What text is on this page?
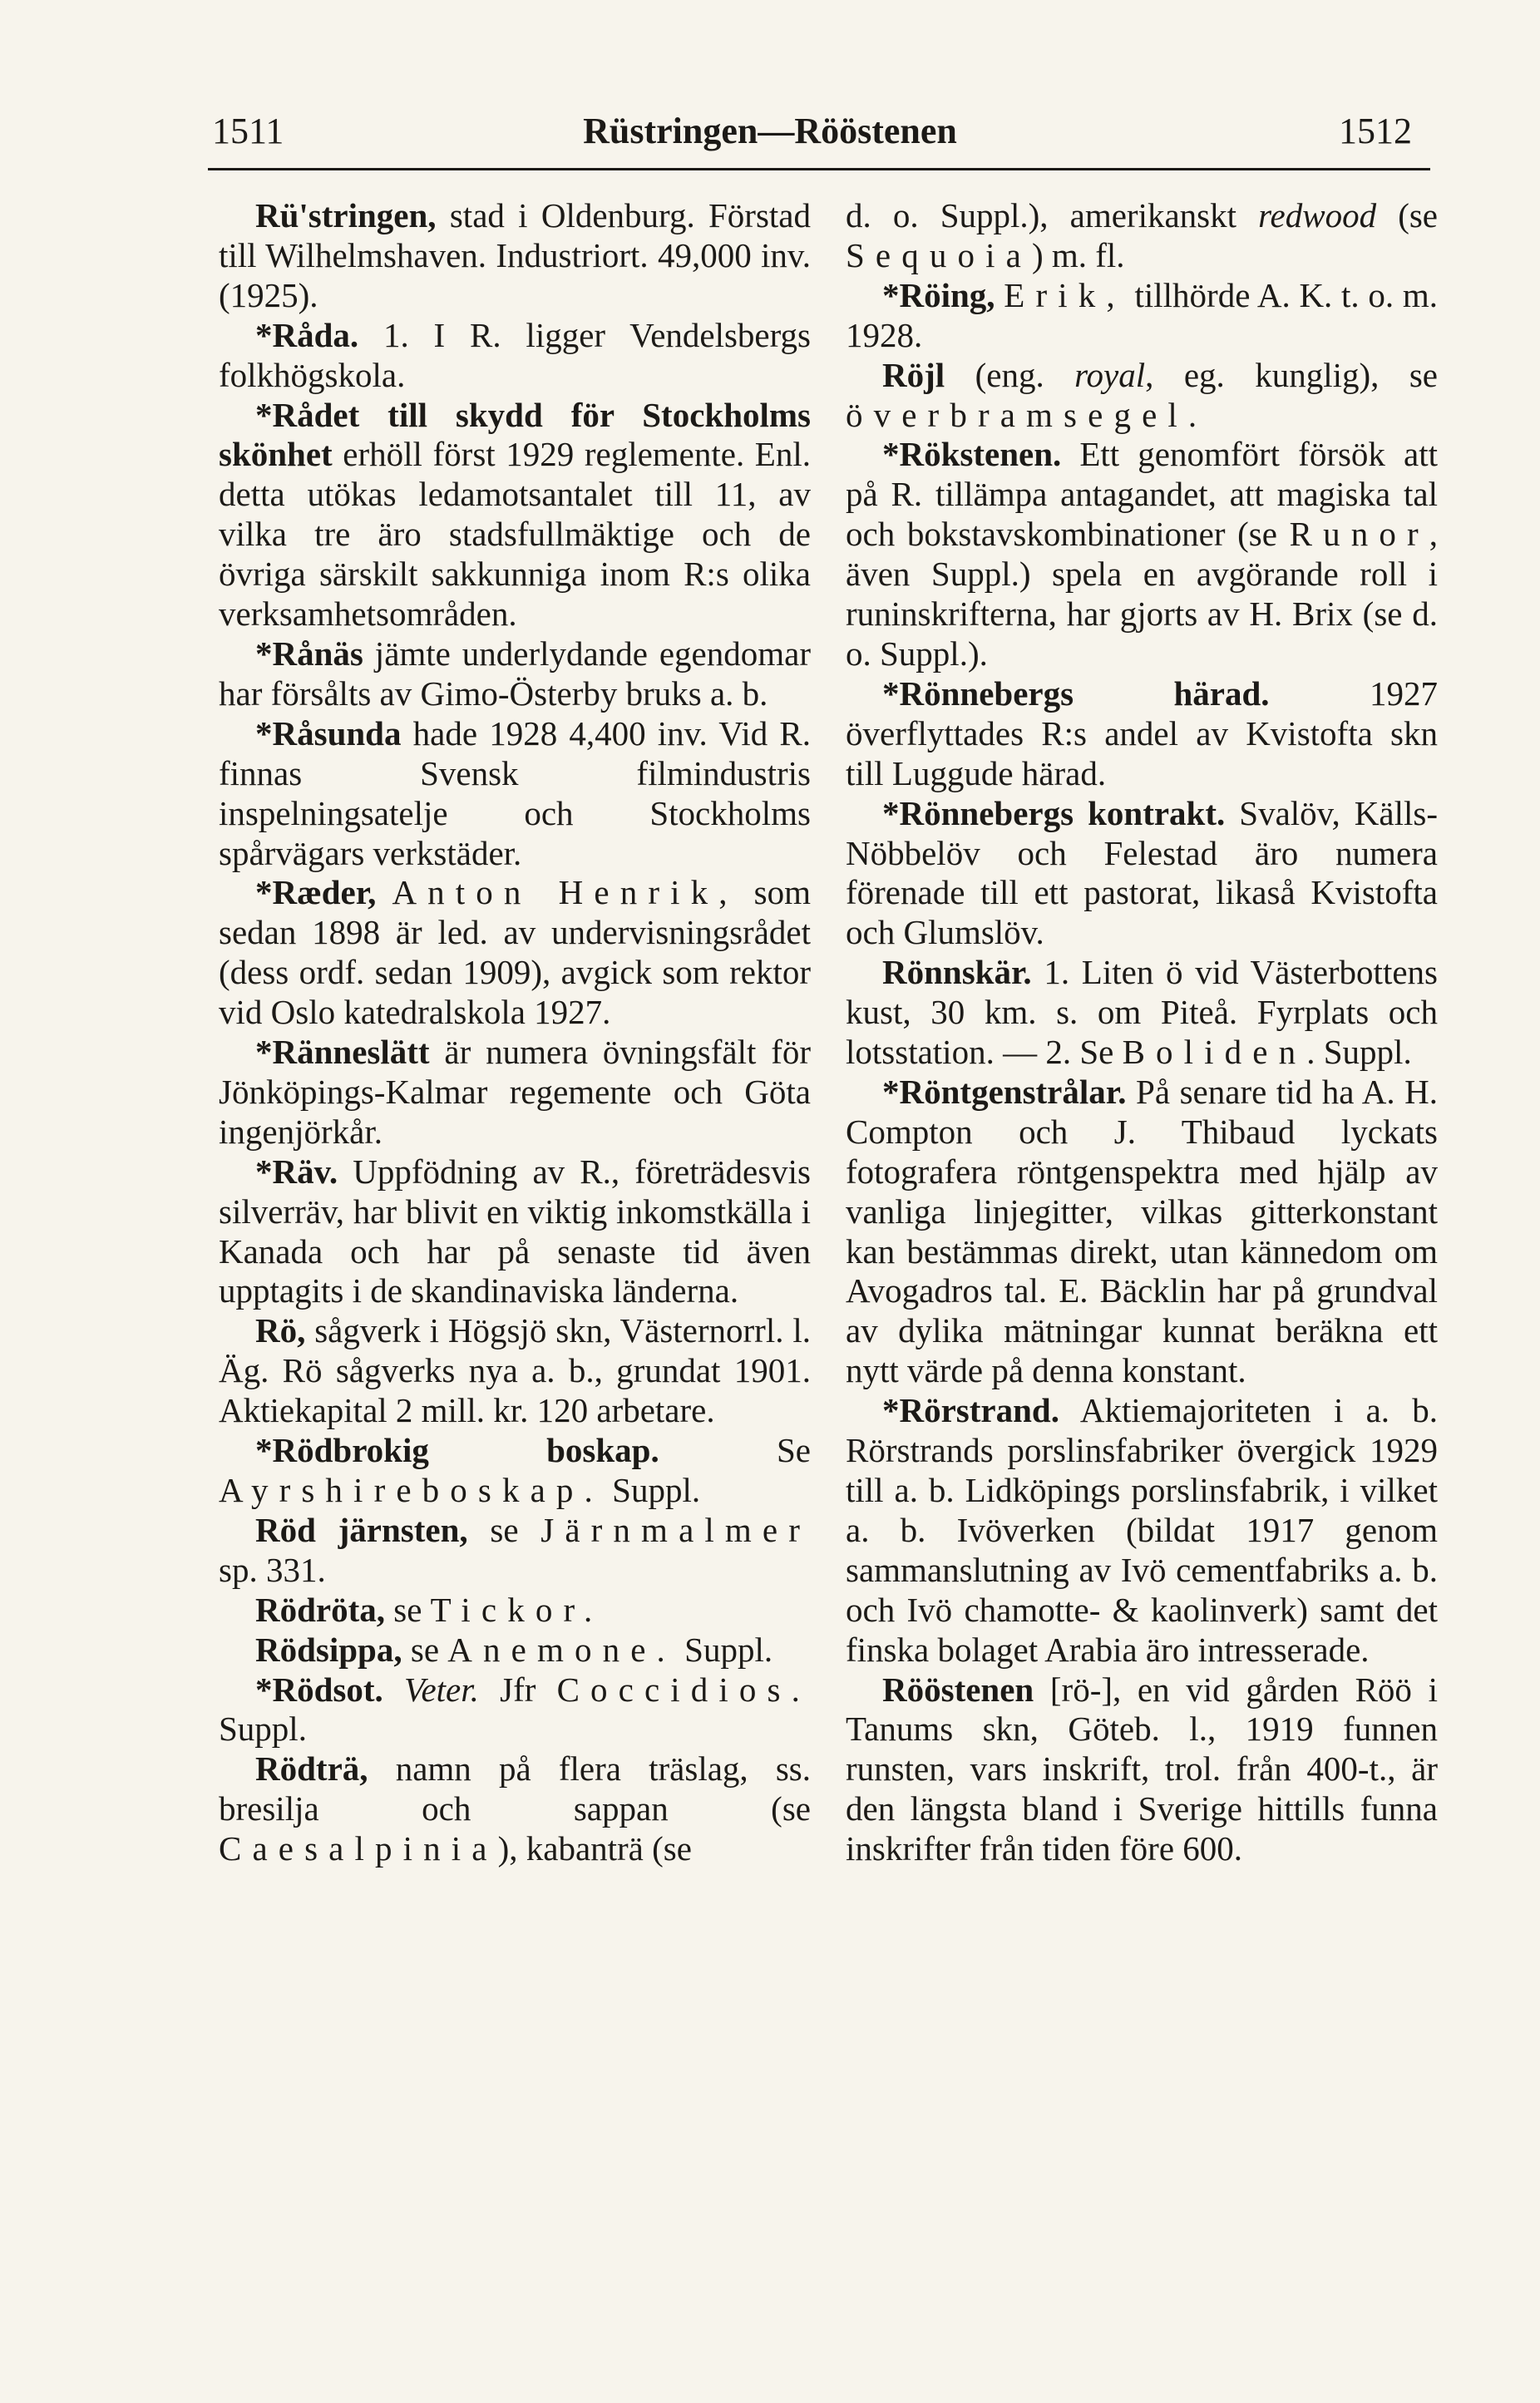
1511	Rüstringen—Rööstenen	1512

Rü'stringen, stad i Oldenburg. Förstad till Wilhelmshaven. Industriort. 49,000 inv. (1925).

*Råda. 1. I R. ligger Vendelsbergs folkhögskola.

*Rådet till skydd för Stockholms skönhet erhöll först 1929 reglemente. Enl. detta utökas ledamotsantalet till 11, av vilka tre äro stadsfullmäktige och de övriga särskilt sakkunniga inom R:s olika verksamhetsområden.

*Rånäs jämte underlydande egendomar har försålts av Gimo-Österby bruks a. b.

*Råsunda hade 1928 4,400 inv. Vid R. finnas Svensk filmindustris inspelningsatelje och Stockholms spårvägars verkstäder.

*Ræder, Anton Henrik, som sedan 1898 är led. av undervisningsrådet (dess ordf. sedan 1909), avgick som rektor vid Oslo katedralskola 1927.

*Ränneslätt är numera övningsfält för Jönköpings-Kalmar regemente och Göta ingenjörkår.

*Räv. Uppfödning av R., företrädesvis silverräv, har blivit en viktig inkomstkälla i Kanada och har på senaste tid även upptagits i de skandinaviska länderna.

Rö, sågverk i Högsjö skn, Västernorrl. l. Äg. Rö sågverks nya a. b., grundat 1901. Aktiekapital 2 mill. kr. 120 arbetare.

*Rödbrokig boskap. Se Ayrshireboskap. Suppl.

Röd järnsten, se Järnmalmer sp. 331.

Rödröta, se Tickor.

Rödsippa, se Anemone. Suppl.

*Rödsot. Veter. Jfr Coccidios. Suppl.

Rödträ, namn på flera träslag, ss. bresilja och sappan (se Caesalpinia), kabanträ (se

d. o. Suppl.), amerikanskt redwood (se Sequoia) m. fl.

*Röing, Erik, tillhörde A. K. t. o. m. 1928.

Röjl (eng. royal, eg. kunglig), se överbramsegel.

*Rökstenen. Ett genomfört försök att på R. tillämpa antagandet, att magiska tal och bokstavskombinationer (se Runor, även Suppl.) spela en avgörande roll i runinskrifterna, har gjorts av H. Brix (se d. o. Suppl.).

*Rönnebergs härad. 1927 överflyttades R:s andel av Kvistofta skn till Luggude härad.

*Rönnebergs kontrakt. Svalöv, Källs-Nöbbelöv och Felestad äro numera förenade till ett pastorat, likaså Kvistofta och Glumslöv.

Rönnskär. 1. Liten ö vid Västerbottens kust, 30 km. s. om Piteå. Fyrplats och lotsstation. — 2. Se Boliden. Suppl.

*Röntgenstrålar. På senare tid ha A. H. Compton och J. Thibaud lyckats fotografera röntgenspektra med hjälp av vanliga linjegitter, vilkas gitterkonstant kan bestämmas direkt, utan kännedom om Avogadros tal. E. Bäcklin har på grundval av dylika mätningar kunnat beräkna ett nytt värde på denna konstant.

*Rörstrand. Aktiemajoriteten i a. b. Rörstrands porslinsfabriker övergick 1929 till a. b. Lidköpings porslinsfabrik, i vilket a. b. Ivöverken (bildat 1917 genom sammanslutning av Ivö cementfabriks a. b. och Ivö chamotte- & kaolinverk) samt det finska bolaget Arabia äro intresserade.

Rööstenen [rö-], en vid gården Röö i Tanums skn, Göteb. l., 1919 funnen runsten, vars inskrift, trol. från 400-t., är den längsta bland i Sverige hittills funna inskrifter från tiden före 600.
